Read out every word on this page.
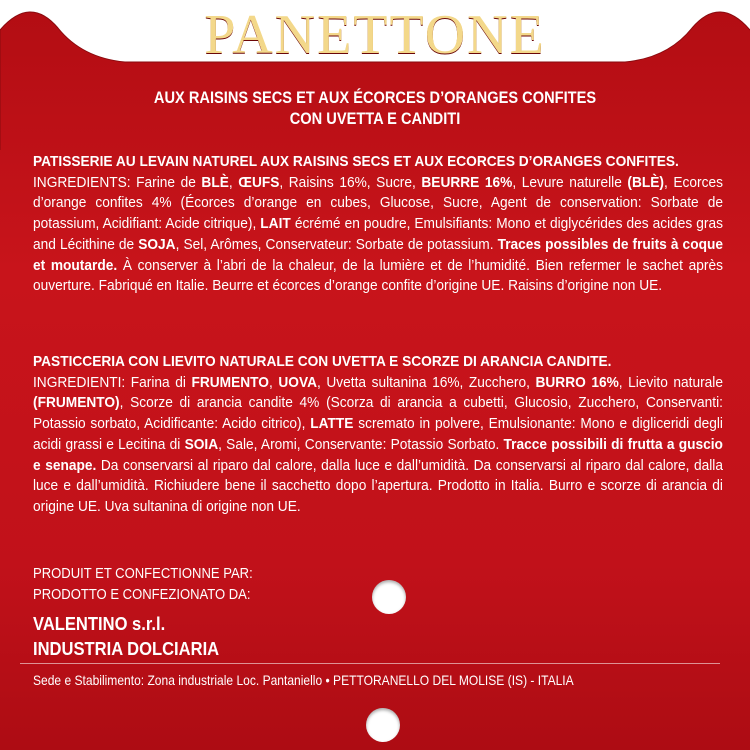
PANETTONE
AUX RAISINS SECS ET AUX ÉCORCES D’ORANGES CONFITES
CON UVETTA E CANDITI
PATISSERIE AU LEVAIN NATUREL AUX RAISINS SECS ET AUX ECORCES D’ORANGES CONFITES.
INGREDIENTS: Farine de BLÈ, ŒUFS, Raisins 16%, Sucre, BEURRE 16%, Levure naturelle (BLÈ), Ecorces d’orange confites 4% (Écorces d’orange en cubes, Glucose, Sucre, Agent de conservation: Sorbate de potassium, Acidifiant: Acide citrique), LAIT écrémé en poudre, Emulsifiants: Mono et diglycérides des acides gras and Lécithine de SOJA, Sel, Arômes, Conservateur: Sorbate de potassium. Traces possibles de fruits à coque et moutarde. À conserver à l’abri de la chaleur, de la lumière et de l’humidité. Bien refermer le sachet après ouverture. Fabriqué en Italie. Beurre et écorces d’orange confite d’origine UE. Raisins d’origine non UE.
PASTICCERIA CON LIEVITO NATURALE CON UVETTA E SCORZE DI ARANCIA CANDITE.
INGREDIENTI: Farina di FRUMENTO, UOVA, Uvetta sultanina 16%, Zucchero, BURRO 16%, Lievito naturale (FRUMENTO), Scorze di arancia candite 4% (Scorza di arancia a cubetti, Glucosio, Zucchero, Conservanti: Potassio sorbato, Acidificante: Acido citrico), LATTE scremato in polvere, Emulsionante: Mono e digliceridi degli acidi grassi e Lecitina di SOIA, Sale, Aromi, Conservante: Potassio Sorbato. Tracce possibili di frutta a guscio e senape. Da conservarsi al riparo dal calore, dalla luce e dall’umidità. Da conservarsi al riparo dal calore, dalla luce e dall’umidità. Richiudere bene il sacchetto dopo l’apertura. Prodotto in Italia. Burro e scorze di arancia di origine UE. Uva sultanina di origine non UE.
PRODUIT ET CONFECTIONNE PAR:
PRODOTTO E CONFEZIONATO DA:
VALENTINO s.r.l.
INDUSTRIA DOLCIARIA
Sede e Stabilimento: Zona industriale Loc. Pantaniello • PETTORANELLO DEL MOLISE (IS) - ITALIA
